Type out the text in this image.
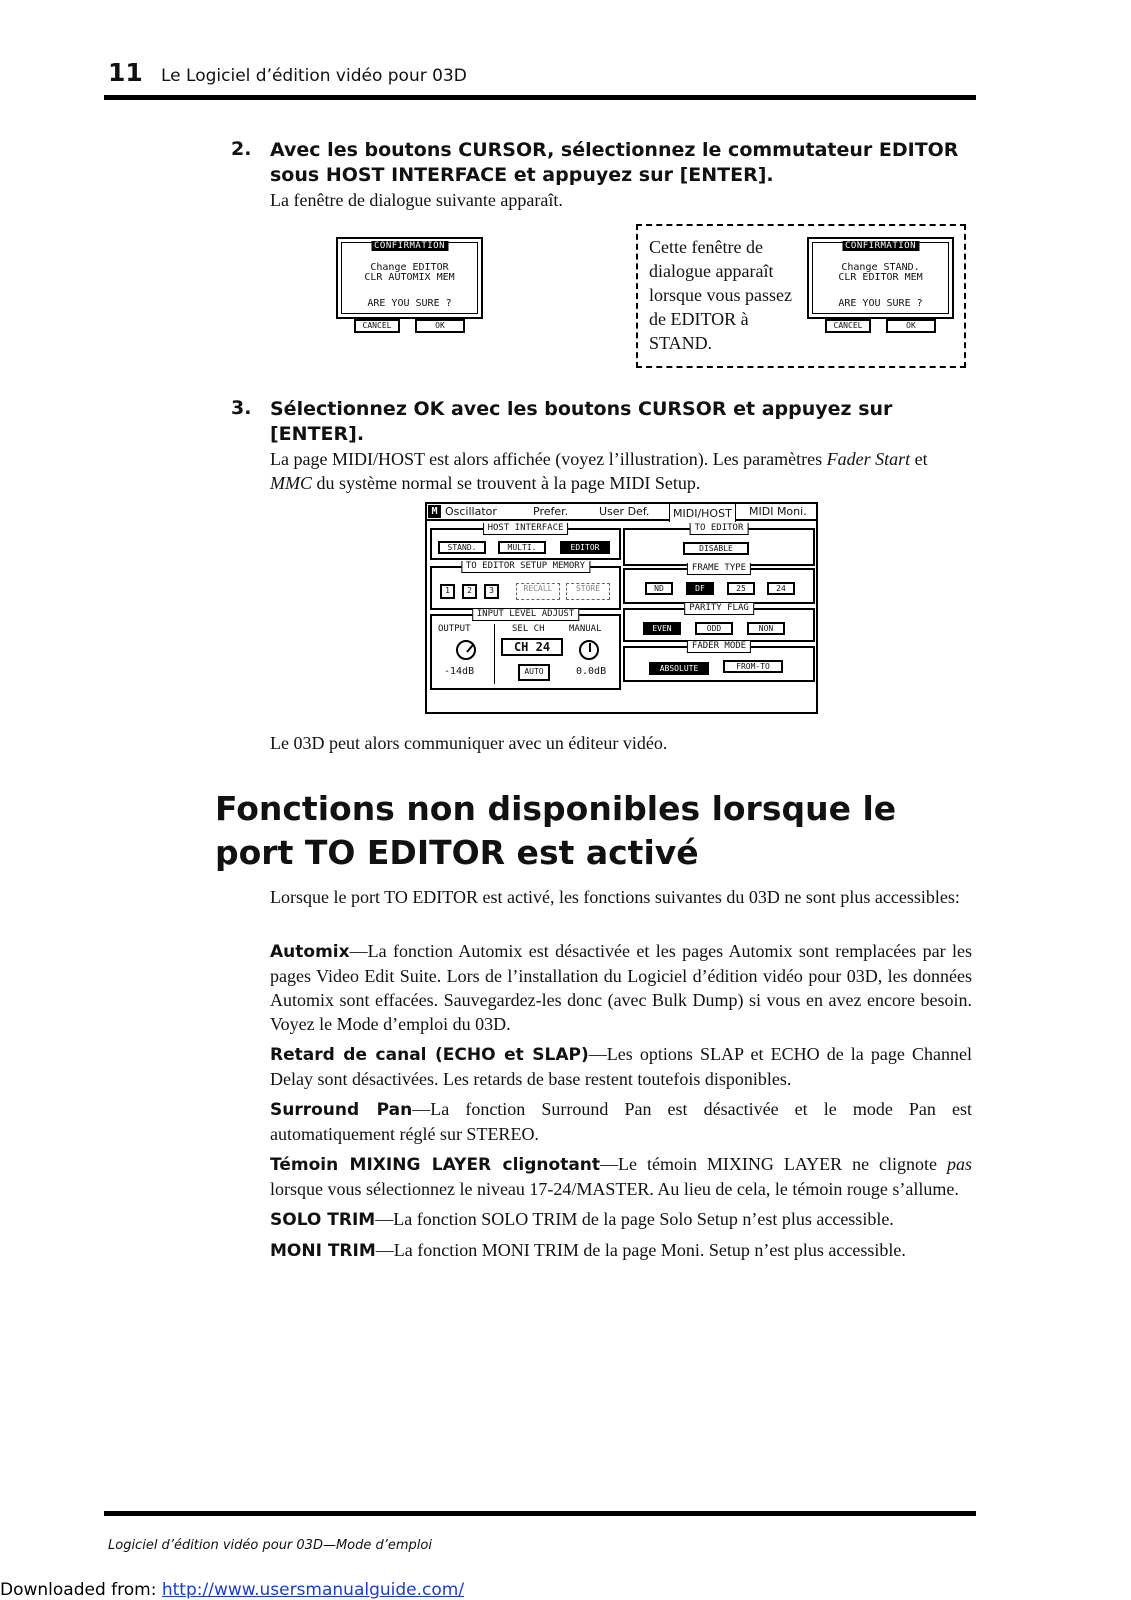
11 Le Logiciel d’édition vidéo pour 03D
2. Avec les boutons CURSOR, sélectionnez le commutateur EDITOR sous HOST INTERFACE et appuyez sur [ENTER].
La fenêtre de dialogue suivante apparaît.
CONFIRMATION
Change EDITOR
CLR AUTOMIX MEM
ARE YOU SURE ?
CANCEL	OK
Cette fenêtre de dialogue apparaît lorsque vous passez de EDITOR à STAND.
CONFIRMATION
Change STAND.
CLR EDITOR MEM
ARE YOU SURE ?
CANCEL	OK
3. Sélectionnez OK avec les boutons CURSOR et appuyez sur [ENTER].
La page MIDI/HOST est alors affichée (voyez l’illustration). Les paramètres Fader Start et MMC du système normal se trouvent à la page MIDI Setup.
M Oscillator	Prefer.	User Def.	MIDI/HOST	MIDI Moni.
HOST INTERFACE
STAND.	MULTI.	EDITOR
TO EDITOR
DISABLE
TO EDITOR SETUP MEMORY
1	2	3	RECALL	STORE
FRAME TYPE
ND	DF	25	24
INPUT LEVEL ADJUST
OUTPUT	SEL CH	MANUAL
CH 24
-14dB	AUTO	0.0dB
PARITY FLAG
EVEN	ODD	NON
FADER MODE
ABSOLUTE	FROM-TO
Le 03D peut alors communiquer avec un éditeur vidéo.
Fonctions non disponibles lorsque le port TO EDITOR est activé
Lorsque le port TO EDITOR est activé, les fonctions suivantes du 03D ne sont plus accessibles:
Automix—La fonction Automix est désactivée et les pages Automix sont remplacées par les pages Video Edit Suite. Lors de l’installation du Logiciel d’édition vidéo pour 03D, les données Automix sont effacées. Sauvegardez-les donc (avec Bulk Dump) si vous en avez encore besoin. Voyez le Mode d’emploi du 03D.
Retard de canal (ECHO et SLAP)—Les options SLAP et ECHO de la page Channel Delay sont désactivées. Les retards de base restent toutefois disponibles.
Surround Pan—La fonction Surround Pan est désactivée et le mode Pan est automatiquement réglé sur STEREO.
Témoin MIXING LAYER clignotant—Le témoin MIXING LAYER ne clignote pas lorsque vous sélectionnez le niveau 17-24/MASTER. Au lieu de cela, le témoin rouge s’allume.
SOLO TRIM—La fonction SOLO TRIM de la page Solo Setup n’est plus accessible.
MONI TRIM—La fonction MONI TRIM de la page Moni. Setup n’est plus accessible.
Logiciel d’édition vidéo pour 03D—Mode d’emploi
Downloaded from: http://www.usersmanualguide.com/
